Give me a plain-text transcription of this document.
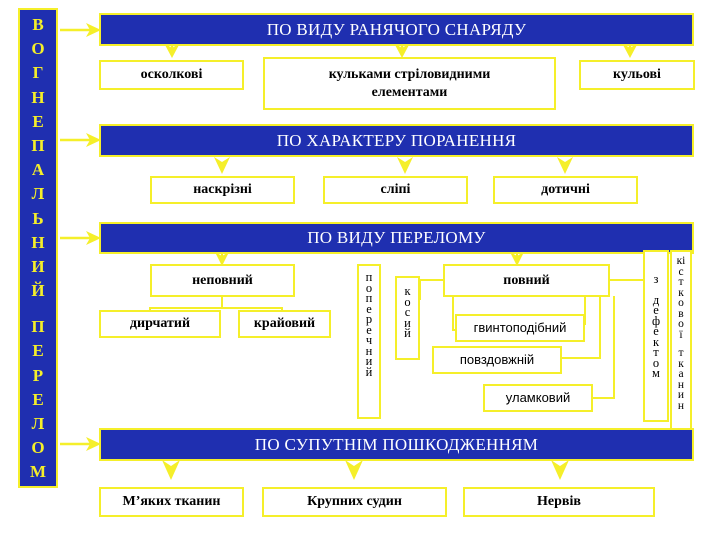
В
О
Г
Н
Е
П
А
Л
Ь
Н
И
Й
П
Е
Р
Е
Л
О
М
ПО ВИДУ РАНЯЧОГО СНАРЯДУ
осколкові	кульками стріловидними елементами
кульові
ПО ХАРАКТЕРУ ПОРАНЕННЯ
наскрізні	сліпі	дотичні
ПО ВИДУ ПЕРЕЛОМУ
неповний
дирчатий	крайовий
п
о
п
е
р
е
ч
н
и
й
к
о
с
и
й
повний
гвинтоподібний
повздовжній
уламковий
з
д
е
ф
е
к
т
о
м
кі
с
т
к
о
в
о
ї
т
к
а
н
и
н
ПО СУПУТНІМ ПОШКОДЖЕННЯМ
М’яких тканин	Крупних судин	Нервів
